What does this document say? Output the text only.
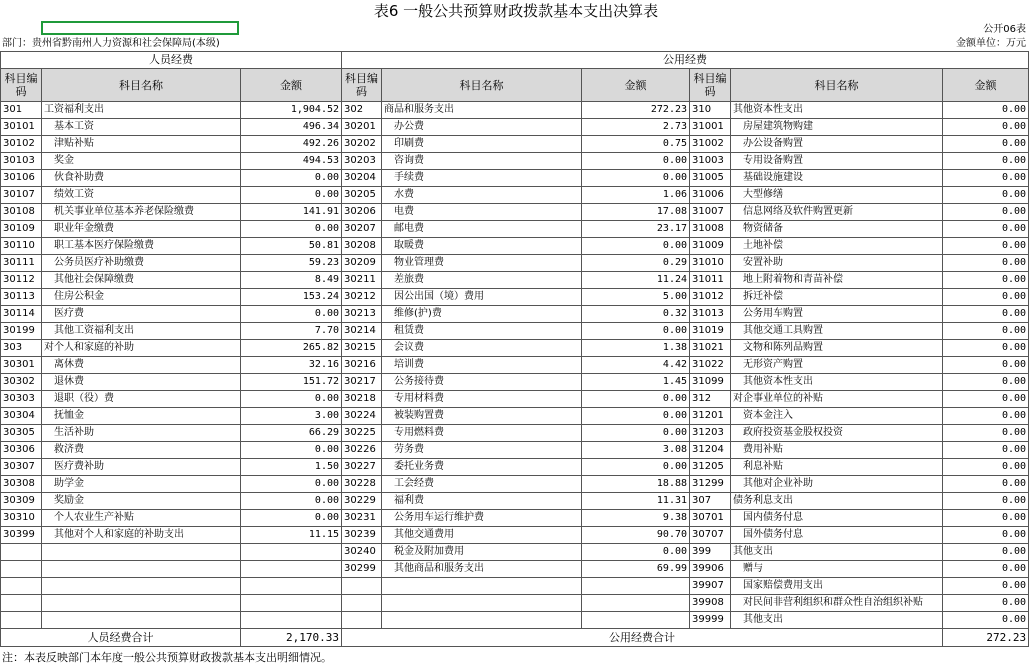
表6 一般公共预算财政拨款基本支出决算表
公开06表
部门：贵州省黔南州人力资源和社会保障局(本级)	金额单位：万元
人员经费			公用经费					
科目编码	科目名称	金额	科目编码	科目名称	金额	科目编码	科目名称	金额
301	工资福利支出	1,904.52	302	商品和服务支出	272.23	310	其他资本性支出	0.00
30101	 基本工资	496.34	30201	 办公费	2.73	31001	 房屋建筑物购建	0.00
30102	 津贴补贴	492.26	30202	 印刷费	0.75	31002	 办公设备购置	0.00
30103	 奖金	494.53	30203	 咨询费	0.00	31003	 专用设备购置	0.00
30106	 伙食补助费	0.00	30204	 手续费	0.00	31005	 基础设施建设	0.00
30107	 绩效工资	0.00	30205	 水费	1.06	31006	 大型修缮	0.00
30108	 机关事业单位基本养老保险缴费	141.91	30206	 电费	17.08	31007	 信息网络及软件购置更新	0.00
30109	 职业年金缴费	0.00	30207	 邮电费	23.17	31008	 物资储备	0.00
30110	 职工基本医疗保险缴费	50.81	30208	 取暖费	0.00	31009	 土地补偿	0.00
30111	 公务员医疗补助缴费	59.23	30209	 物业管理费	0.29	31010	 安置补助	0.00
30112	 其他社会保障缴费	8.49	30211	 差旅费	11.24	31011	 地上附着物和青苗补偿	0.00
30113	 住房公积金	153.24	30212	 因公出国（境）费用	5.00	31012	 拆迁补偿	0.00
30114	 医疗费	0.00	30213	 维修(护)费	0.32	31013	 公务用车购置	0.00
30199	 其他工资福利支出	7.70	30214	 租赁费	0.00	31019	 其他交通工具购置	0.00
303	对个人和家庭的补助	265.82	30215	 会议费	1.38	31021	 文物和陈列品购置	0.00
30301	 离休费	32.16	30216	 培训费	4.42	31022	 无形资产购置	0.00
30302	 退休费	151.72	30217	 公务接待费	1.45	31099	 其他资本性支出	0.00
30303	 退职（役）费	0.00	30218	 专用材料费	0.00	312	对企事业单位的补贴	0.00
30304	 抚恤金	3.00	30224	 被装购置费	0.00	31201	 资本金注入	0.00
30305	 生活补助	66.29	30225	 专用燃料费	0.00	31203	 政府投资基金股权投资	0.00
30306	 救济费	0.00	30226	 劳务费	3.08	31204	 费用补贴	0.00
30307	 医疗费补助	1.50	30227	 委托业务费	0.00	31205	 利息补贴	0.00
30308	 助学金	0.00	30228	 工会经费	18.88	31299	 其他对企业补助	0.00
30309	 奖励金	0.00	30229	 福利费	11.31	307	债务利息支出	0.00
30310	 个人农业生产补贴	0.00	30231	 公务用车运行维护费	9.38	30701	 国内债务付息	0.00
30399	 其他对个人和家庭的补助支出	11.15	30239	 其他交通费用	90.70	30707	 国外债务付息	0.00
			30240	 税金及附加费用	0.00	399	其他支出	0.00
			30299	 其他商品和服务支出	69.99	39906	 赠与	0.00
						39907	 国家赔偿费用支出	0.00
						39908	 对民间非营利组织和群众性自治组织补贴	0.00
						39999	 其他支出	0.00
人员经费合计		2,170.33	公用经费合计					272.23
注：本表反映部门本年度一般公共预算财政拨款基本支出明细情况。
